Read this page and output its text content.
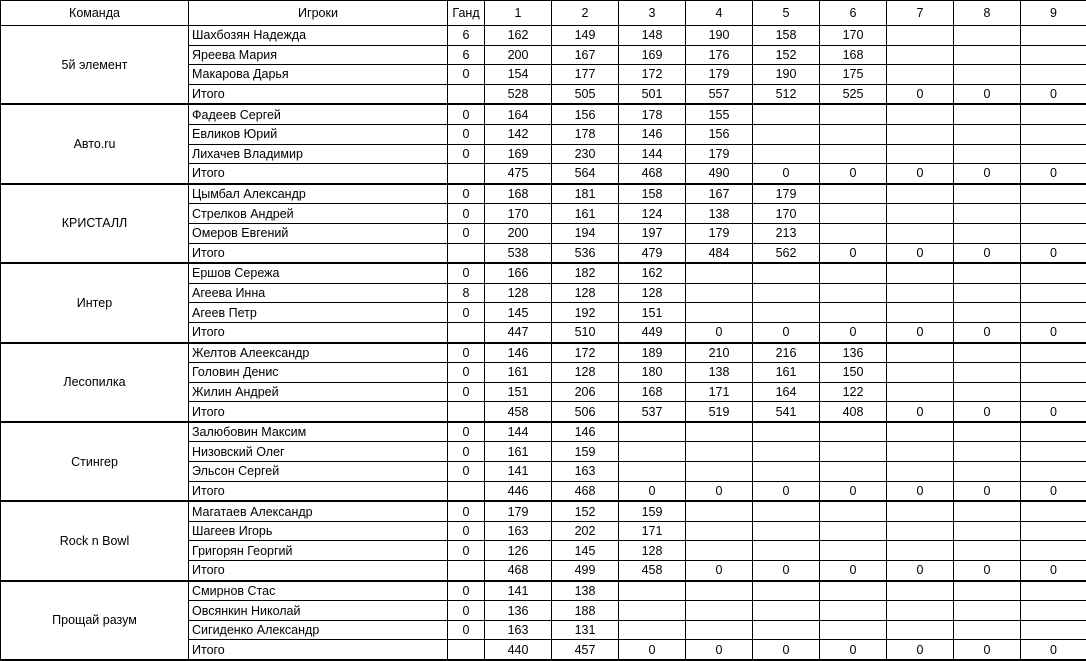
Команда	Игроки	Ганд	1	2	3	4	5	6	7	8	9
5й элемент	Шахбозян Надежда	6	162	149	148	190	158	170			
	Яреева Мария	6	200	167	169	176	152	168			
	Макарова Дарья	0	154	177	172	179	190	175			
	Итого		528	505	501	557	512	525	0	0	0
Авто.ru	Фадеев Сергей	0	164	156	178	155					
	Евликов Юрий	0	142	178	146	156					
	Лихачев Владимир	0	169	230	144	179					
	Итого		475	564	468	490	0	0	0	0	0
КРИСТАЛЛ	Цымбал Александр	0	168	181	158	167	179				
	Стрелков Андрей	0	170	161	124	138	170				
	Омеров Евгений	0	200	194	197	179	213				
	Итого		538	536	479	484	562	0	0	0	0
Интер	Ершов Сережа	0	166	182	162						
	Агеева Инна	8	128	128	128						
	Агеев Петр	0	145	192	151						
	Итого		447	510	449	0	0	0	0	0	0
Лесопилка	Желтов Алеександр	0	146	172	189	210	216	136			
	Головин Денис	0	161	128	180	138	161	150			
	Жилин Андрей	0	151	206	168	171	164	122			
	Итого		458	506	537	519	541	408	0	0	0
Стингер	Залюбовин Максим	0	144	146							
	Низовский Олег	0	161	159							
	Эльсон Сергей	0	141	163							
	Итого		446	468	0	0	0	0	0	0	0
Rock n Bowl	Магатаев Александр	0	179	152	159						
	Шагеев Игорь	0	163	202	171						
	Григорян Георгий	0	126	145	128						
	Итого		468	499	458	0	0	0	0	0	0
Прощай разум	Смирнов Стас	0	141	138							
	Овсянкин Николай	0	136	188							
	Сигиденко Александр	0	163	131							
	Итого		440	457	0	0	0	0	0	0	0
